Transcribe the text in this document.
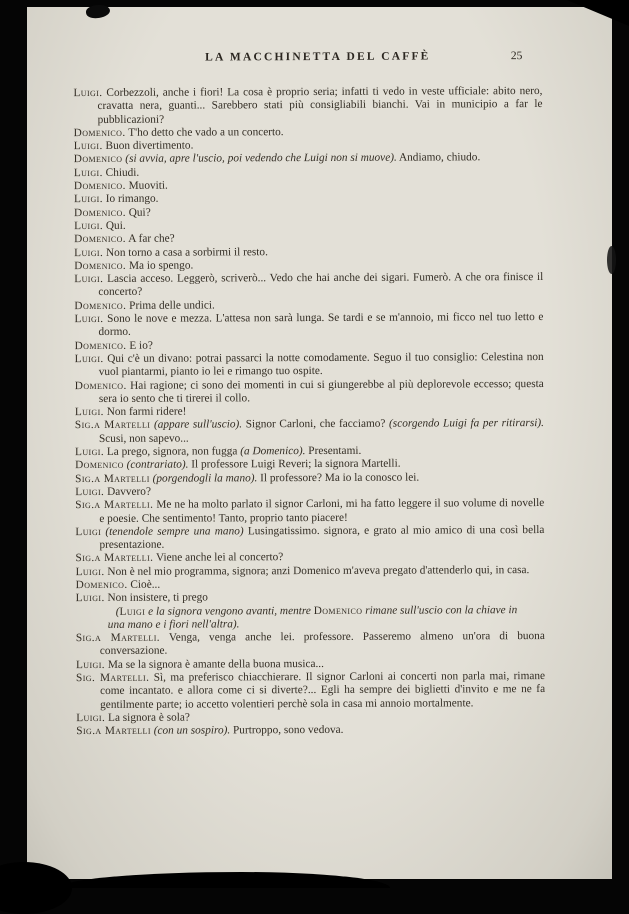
LA MACCHINETTA DEL CAFFÈ	25

Luigi. Corbezzoli, anche i fiori! La cosa è proprio seria; infatti ti vedo in veste ufficiale: abito nero, cravatta nera, guanti... Sarebbero stati più consigliabili bianchi. Vai in municipio a far le pubblicazioni?

Domenico. T'ho detto che vado a un concerto.

Luigi. Buon divertimento.

Domenico (si avvia, apre l'uscio, poi vedendo che Luigi non si muove). Andiamo, chiudo.

Luigi. Chiudi.

Domenico. Muoviti.

Luigi. Io rimango.

Domenico. Qui?

Luigi. Qui.

Domenico. A far che?

Luigi. Non torno a casa a sorbirmi il resto.

Domenico. Ma io spengo.

Luigi. Lascia acceso. Leggerò, scriverò... Vedo che hai anche dei sigari. Fumerò. A che ora finisce il concerto?

Domenico. Prima delle undici.

Luigi. Sono le nove e mezza. L'attesa non sarà lunga. Se tardi e se m'annoio, mi ficco nel tuo letto e dormo.

Domenico. E io?

Luigi. Qui c'è un divano: potrai passarci la notte comodamente. Seguo il tuo consiglio: Celestina non vuol piantarmi, pianto io lei e rimango tuo ospite.

Domenico. Hai ragione; ci sono dei momenti in cui si giungerebbe al più deplorevole eccesso; questa sera io sento che ti tirerei il collo.

Luigi. Non farmi ridere!

Sig.a Martelli (appare sull'uscio). Signor Carloni, che facciamo? (scorgendo Luigi fa per ritirarsi). Scusi, non sapevo...

Luigi. La prego, signora, non fugga (a Domenico). Presentami.

Domenico (contrariato). Il professore Luigi Reveri; la signora Martelli.

Sig.a Martelli (porgendogli la mano). Il professore? Ma io la conosco lei.

Luigi. Davvero?

Sig.a Martelli. Me ne ha molto parlato il signor Carloni, mi ha fatto leggere il suo volume di novelle e poesie. Che sentimento! Tanto, proprio tanto piacere!

Luigi (tenendole sempre una mano) Lusingatissimo. signora, e grato al mio amico di una così bella presentazione.

Sig.a Martelli. Viene anche lei al concerto?

Luigi. Non è nel mio programma, signora; anzi Domenico m'aveva pregato d'attenderlo qui, in casa.

Domenico. Cioè...

Luigi. Non insistere, ti prego

(Luigi e la signora vengono avanti, mentre Domenico rimane sull'uscio con la chiave in una mano e i fiori nell'altra).

Sig.a Martelli. Venga, venga anche lei. professore. Passeremo almeno un'ora di buona conversazione.

Luigi. Ma se la signora è amante della buona musica...

Sig. Martelli. Sì, ma preferisco chiacchierare. Il signor Carloni ai concerti non parla mai, rimane come incantato. e allora come ci si diverte?... Egli ha sempre dei biglietti d'invito e me ne fa gentilmente parte; io accetto volentieri perchè sola in casa mi annoio mortalmente.

Luigi. La signora è sola?

Sig.a Martelli (con un sospiro). Purtroppo, sono vedova.
